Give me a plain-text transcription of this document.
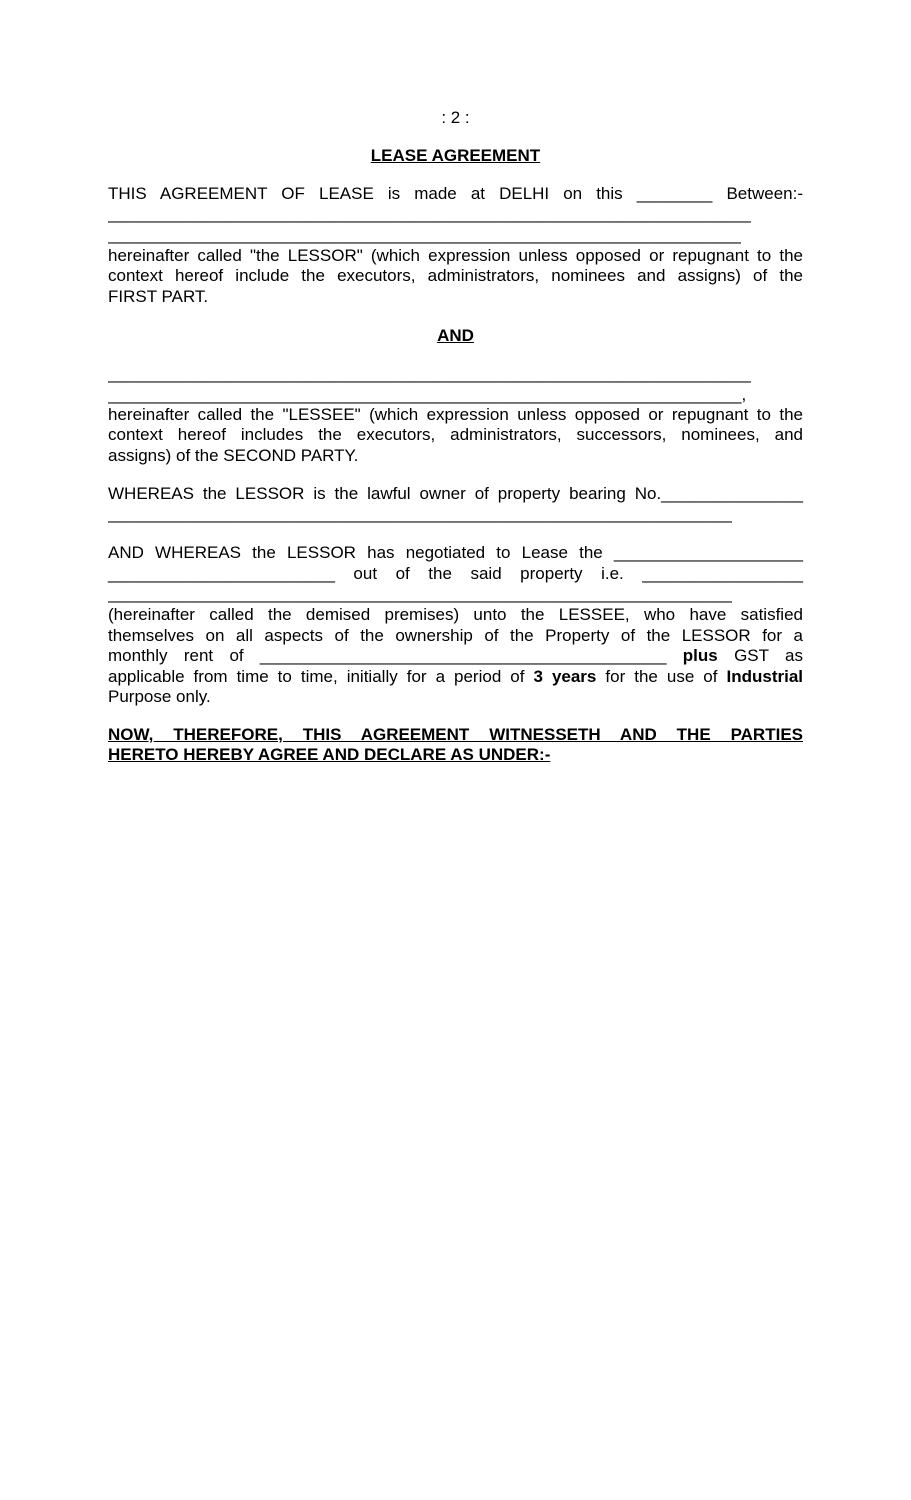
: 2 :
LEASE AGREEMENT
THIS AGREEMENT OF LEASE is made at DELHI on this ________ Between:-
____________________________________________________________________
___________________________________________________________________
hereinafter called "the LESSOR" (which expression unless opposed or repugnant to the
context hereof include the executors, administrators, nominees and assigns) of the
FIRST PART.
AND
____________________________________________________________________
___________________________________________________________________,
hereinafter called the "LESSEE" (which expression unless opposed or repugnant to the
context hereof includes the executors, administrators, successors, nominees, and
assigns) of the SECOND PARTY.
WHEREAS the LESSOR is the lawful owner of property bearing No._______________
__________________________________________________________________
AND WHEREAS the LESSOR has negotiated to Lease the ____________________
________________________ out of the said property i.e. _________________
__________________________________________________________________
(hereinafter called the demised premises) unto the LESSEE, who have satisfied
themselves on all aspects of the ownership of the Property of the LESSOR for a
monthly rent of ___________________________________________ plus GST as
applicable from time to time, initially for a period of 3 years for the use of Industrial
Purpose only.
NOW, THEREFORE, THIS AGREEMENT WITNESSETH AND THE PARTIES
HERETO HEREBY AGREE AND DECLARE AS UNDER:-
